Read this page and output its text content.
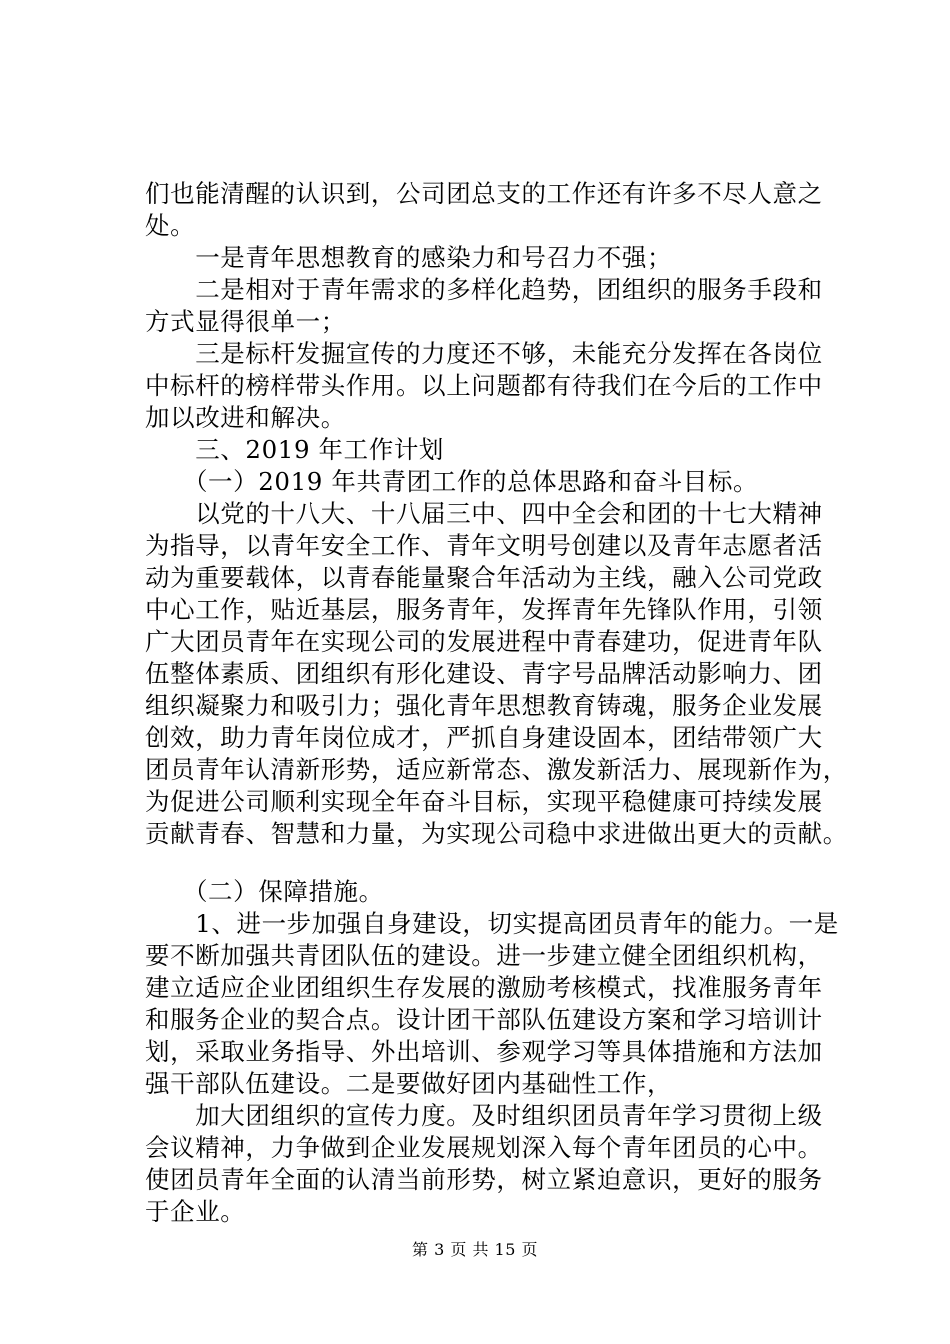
们也能清醒的认识到，公司团总支的工作还有许多不尽人意之
处。
　　一是青年思想教育的感染力和号召力不强；
　　二是相对于青年需求的多样化趋势，团组织的服务手段和
方式显得很单一；
　　三是标杆发掘宣传的力度还不够，未能充分发挥在各岗位
中标杆的榜样带头作用。以上问题都有待我们在今后的工作中
加以改进和解决。
　　三、2019 年工作计划
　　（一）2019 年共青团工作的总体思路和奋斗目标。
　　以党的十八大、十八届三中、四中全会和团的十七大精神
为指导，以青年安全工作、青年文明号创建以及青年志愿者活
动为重要载体，以青春能量聚合年活动为主线，融入公司党政
中心工作，贴近基层，服务青年，发挥青年先锋队作用，引领
广大团员青年在实现公司的发展进程中青春建功，促进青年队
伍整体素质、团组织有形化建设、青字号品牌活动影响力、团
组织凝聚力和吸引力；强化青年思想教育铸魂，服务企业发展
创效，助力青年岗位成才，严抓自身建设固本，团结带领广大
团员青年认清新形势，适应新常态、激发新活力、展现新作为，
为促进公司顺利实现全年奋斗目标，实现平稳健康可持续发展
贡献青春、智慧和力量，为实现公司稳中求进做出更大的贡献。
　　（二）保障措施。
　　1、进一步加强自身建设，切实提高团员青年的能力。一是
要不断加强共青团队伍的建设。进一步建立健全团组织机构，
建立适应企业团组织生存发展的激励考核模式，找准服务青年
和服务企业的契合点。设计团干部队伍建设方案和学习培训计
划，采取业务指导、外出培训、参观学习等具体措施和方法加
强干部队伍建设。二是要做好团内基础性工作，
　　加大团组织的宣传力度。及时组织团员青年学习贯彻上级
会议精神，力争做到企业发展规划深入每个青年团员的心中。
使团员青年全面的认清当前形势，树立紧迫意识，更好的服务
于企业。
第 3 页 共 15 页
